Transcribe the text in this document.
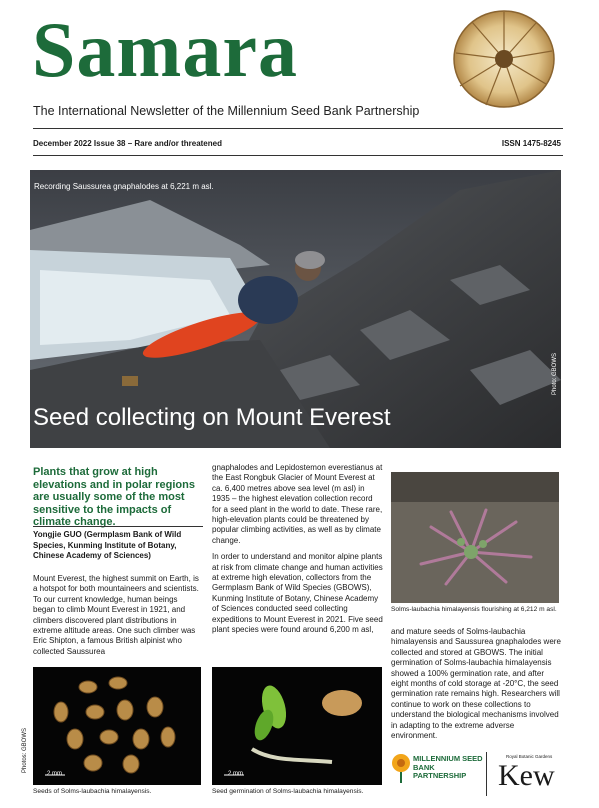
Samara
The International Newsletter of the Millennium Seed Bank Partnership
December 2022 Issue 38 – Rare and/or threatened	ISSN 1475-8245
Recording Saussurea gnaphalodes at 6,221 m asl.
Seed collecting on Mount Everest
Photo: GBOWS
Plants that grow at high elevations and in polar regions are usually some of the most sensitive to the impacts of climate change.
Yongjie GUO (Germplasm Bank of Wild Species, Kunming Institute of Botany, Chinese Academy of Sciences)
Mount Everest, the highest summit on Earth, is a hotspot for both mountaineers and scientists. To our current knowledge, human beings began to climb Mount Everest in 1921, and climbers discovered plant distributions in extreme altitude areas. One such climber was Eric Shipton, a famous British alpinist who collected Saussurea
gnaphalodes and Lepidostemon everestianus at the East Rongbuk Glacier of Mount Everest at ca. 6,400 metres above sea level (m asl) in 1935 – the highest elevation collection record for a seed plant in the world to date. These rare, high-elevation plants could be threatened by popular climbing activities, as well as by climate change.
In order to understand and monitor alpine plants at risk from climate change and human activities at extreme high elevation, collectors from the Germplasm Bank of Wild Species (GBOWS), Kunming Institute of Botany, Chinese Academy of Sciences conducted seed collecting expeditions to Mount Everest in 2021. Five seed plant species were found around 6,200 m asl,	and mature seeds of Solms-laubachia himalayensis and Saussurea gnaphalodes were collected and stored at GBOWS. The initial germination of Solms-laubachia himalayensis showed a 100% germination rate, and after eight months of cold storage at -20°C, the seed germination rate remains high. Researchers will continue to work on these collections to understand the biological mechanisms involved in adapting to the extreme adverse environment.
Solms-laubachia himalayensis flourishing at 6,212 m asl.
2 mm
Seeds of Solms-laubachia himalayensis.
Photos: GBOWS
2 mm
Seed germination of Solms-laubachia himalayensis.
MILLENNIUM SEED BANK PARTNERSHIP
Royal Botanic Gardens
Kew
